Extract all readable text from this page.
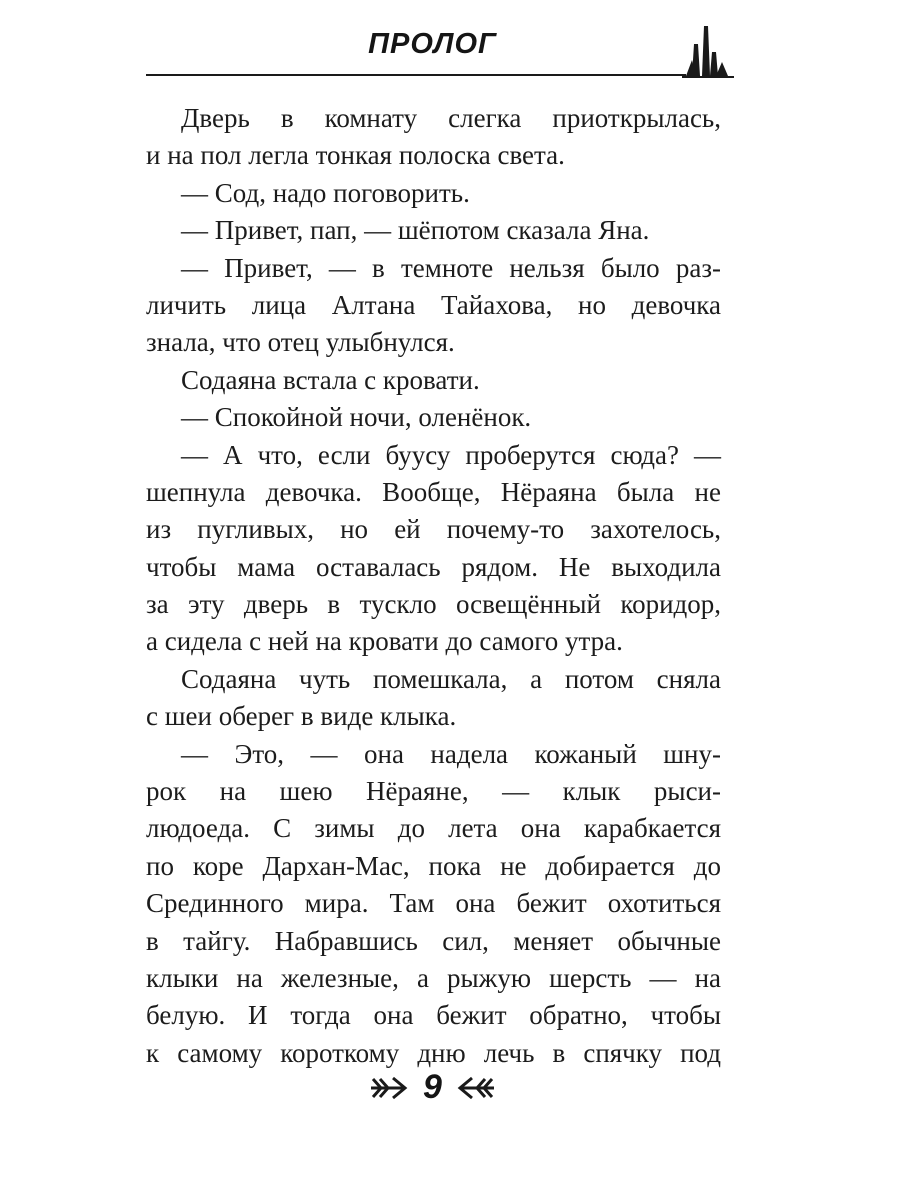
ПРОЛОГ
Дверь в комнату слегка приоткрылась,
и на пол легла тонкая полоска света.
— Сод, надо поговорить.
— Привет, пап, — шёпотом сказала Яна.
— Привет, — в темноте нельзя было раз-
личить лица Алтана Тайахова, но девочка
знала, что отец улыбнулся.
Содаяна встала с кровати.
— Спокойной ночи, оленёнок.
— А что, если буусу проберутся сюда? —
шепнула девочка. Вообще, Нёраяна была не
из пугливых, но ей почему-то захотелось,
чтобы мама оставалась рядом. Не выходила
за эту дверь в тускло освещённый коридор,
а сидела с ней на кровати до самого утра.
Содаяна чуть помешкала, а потом сняла
с шеи оберег в виде клыка.
— Это, — она надела кожаный шну-
рок на шею Нёраяне, — клык рыси-
людоеда. С зимы до лета она карабкается
по коре Дархан-Мас, пока не добирается до
Срединного мира. Там она бежит охотиться
в тайгу. Набравшись сил, меняет обычные
клыки на железные, а рыжую шерсть — на
белую. И тогда она бежит обратно, чтобы
к самому короткому дню лечь в спячку под
9
